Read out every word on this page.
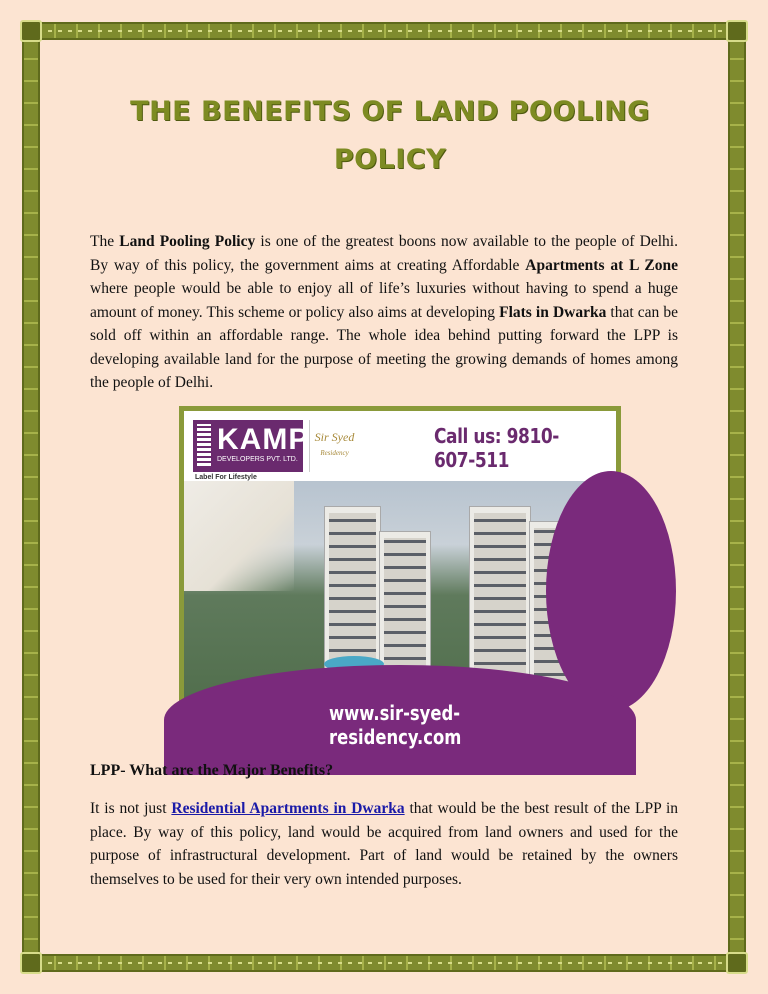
THE BENEFITS OF LAND POOLING POLICY

The Land Pooling Policy is one of the greatest boons now available to the people of Delhi. By way of this policy, the government aims at creating Affordable Apartments at L Zone where people would be able to enjoy all of life’s luxuries without having to spend a huge amount of money. This scheme or policy also aims at developing Flats in Dwarka that can be sold off within an affordable range. The whole idea behind putting forward the LPP is developing available land for the purpose of meeting the growing demands of homes among the people of Delhi.

KAMP
DEVELOPERS PVT. LTD.
Label For Lifestyle
Sir Syed
Residency
Call us: 9810-607-511
www.sir-syed-residency.com
LPP- What are the Major Benefits?

It is not just Residential Apartments in Dwarka that would be the best result of the LPP in place. By way of this policy, land would be acquired from land owners and used for the purpose of infrastructural development. Part of land would be retained by the owners themselves to be used for their very own intended purposes.
